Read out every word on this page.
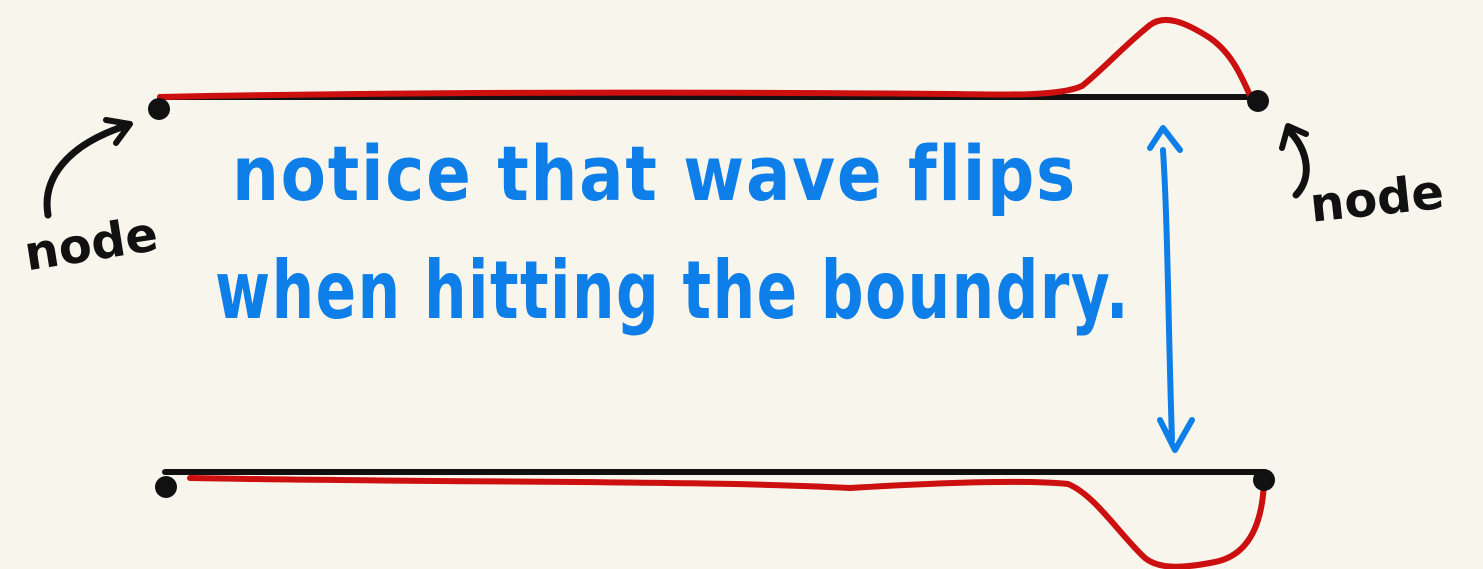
node
node
notice that wave flips
when hitting the boundry.
